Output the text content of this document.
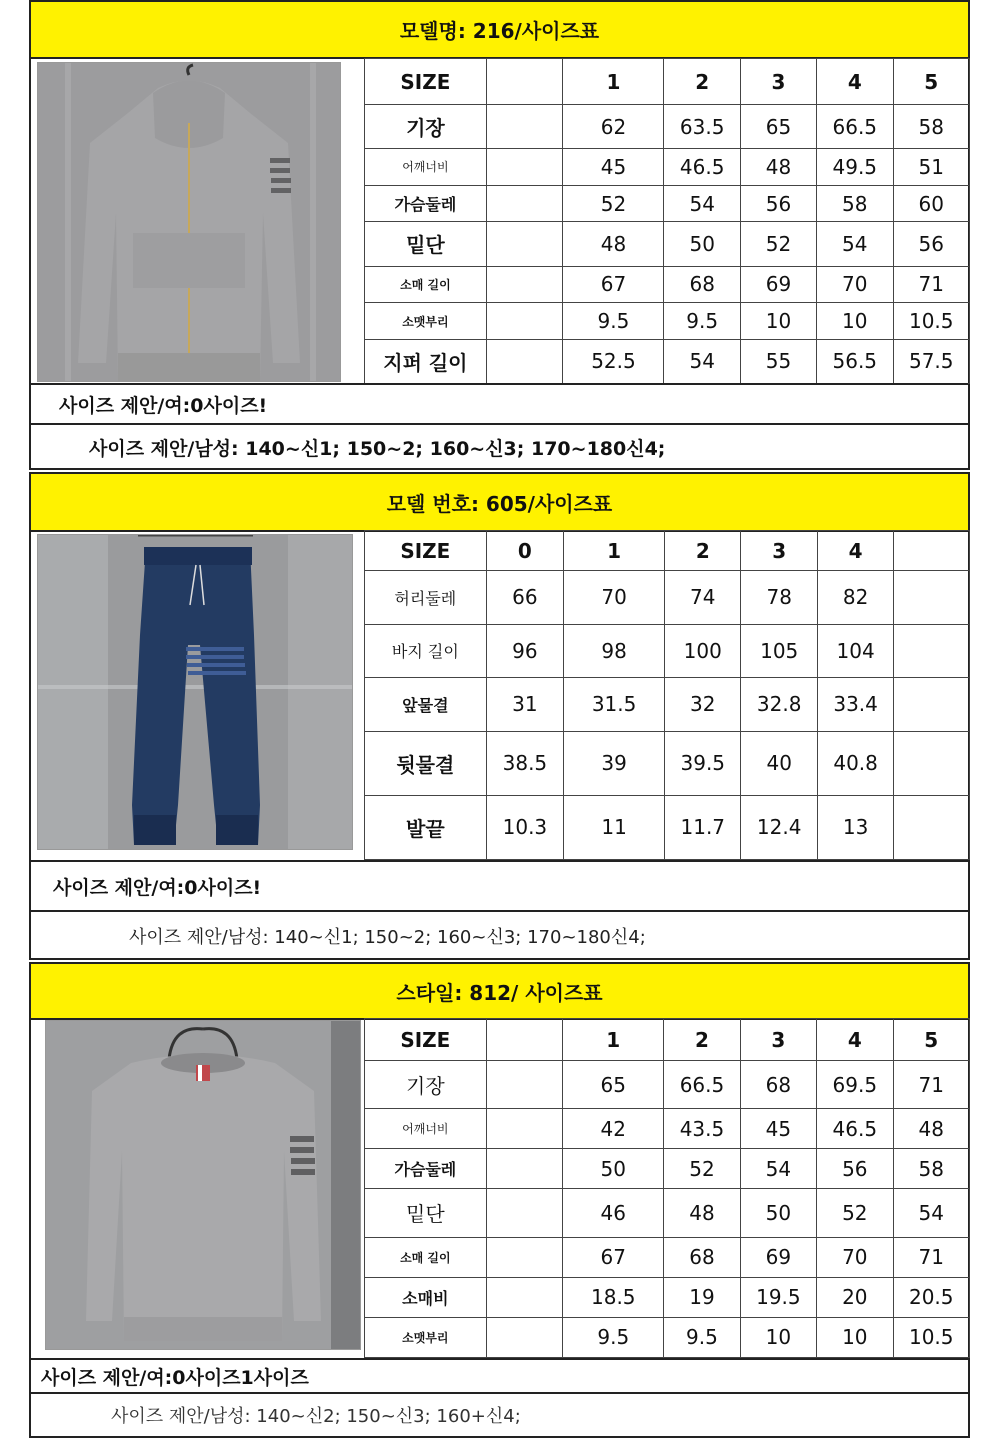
모델명: 216/사이즈표
SIZE		1	2	3	4	5
기장		62	63.5	65	66.5	58
어깨너비		45	46.5	48	49.5	51
가슴둘레		52	54	56	58	60
밑단		48	50	52	54	56
소매 길이		67	68	69	70	71
소맷부리		9.5	9.5	10	10	10.5
지퍼 길이		52.5	54	55	56.5	57.5
사이즈 제안/여:0사이즈!
사이즈 제안/남성: 140~신1; 150~2; 160~신3; 170~180신4;
모델 번호: 605/사이즈표
SIZE	0	1	2	3	4	
허리둘레	66	70	74	78	82	
바지 길이	96	98	100	105	104	
앞물결	31	31.5	32	32.8	33.4	
뒷물결	38.5	39	39.5	40	40.8	
발끝	10.3	11	11.7	12.4	13	
사이즈 제안/여:0사이즈!
사이즈 제안/남성: 140~신1; 150~2; 160~신3; 170~180신4;
스타일: 812/ 사이즈표
SIZE		1	2	3	4	5
기장		65	66.5	68	69.5	71
어깨너비		42	43.5	45	46.5	48
가슴둘레		50	52	54	56	58
밑단		46	48	50	52	54
소매 길이		67	68	69	70	71
소매비		18.5	19	19.5	20	20.5
소맷부리		9.5	9.5	10	10	10.5
사이즈 제안/여:0사이즈1사이즈
사이즈 제안/남성: 140~신2; 150~신3; 160+신4;
